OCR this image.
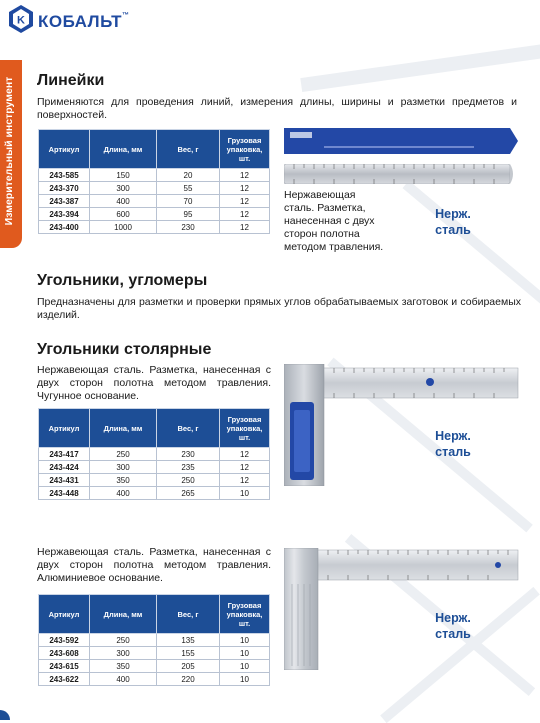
K КОБАЛЬТ™
Измерительный инструмент Линейки
Применяются для проведения линий, измерения длины, ширины и разметки предметов и поверхностей.
Артикул	Длина, мм	Вес, г	Грузовая упаковка, шт.
243-585	150	20	12
243-370	300	55	12
243-387	400	70	12
243-394	600	95	12
243-400	1000	230	12
Нержавеющая сталь. Разметка, нанесенная с двух сторон полотна методом травления.
Нерж.
сталь
Угольники, угломеры
Предназначены для разметки и проверки прямых углов обрабатываемых заготовок и собираемых изделий.
Угольники столярные
Нержавеющая сталь. Разметка, нанесенная с двух сторон полотна методом травления. Чугунное основание.
Артикул	Длина, мм	Вес, г	Грузовая упаковка, шт.
243-417	250	230	12
243-424	300	235	12
243-431	350	250	12
243-448	400	265	10
Нерж.
сталь
Нержавеющая сталь. Разметка, нанесенная с двух сторон полотна методом травления. Алюминиевое основание.
Артикул	Длина, мм	Вес, г	Грузовая упаковка, шт.
243-592	250	135	10
243-608	300	155	10
243-615	350	205	10
243-622	400	220	10
Нерж.
сталь
